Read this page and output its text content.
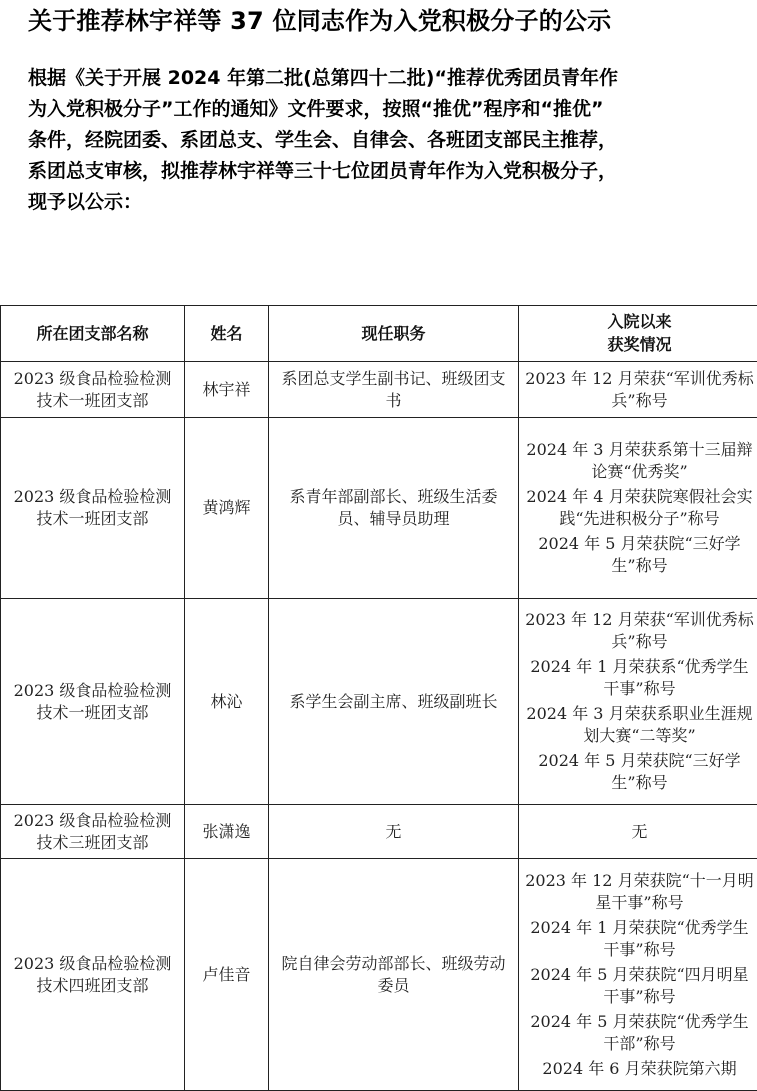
关于推荐林宇祥等 37 位同志作为入党积极分子的公示
根据《关于开展 2024 年第二批(总第四十二批)“推荐优秀团员青年作
为入党积极分子”工作的通知》文件要求，按照“推优”程序和“推优”
条件，经院团委、系团总支、学生会、自律会、各班团支部民主推荐，
系团总支审核，拟推荐林宇祥等三十七位团员青年作为入党积极分子，
现予以公示：
所在团支部名称	姓名	现任职务	入院以来
获奖情况

2023 级食品检验检测技术一班团支部	林宇祥	系团总支学生副书记、班级团支书	2023 年 12 月荣获“军训优秀标兵”称号

2023 级食品检验检测技术一班团支部	黄鸿辉	系青年部副部长、班级生活委员、辅导员助理	2024 年 3 月荣获系第十三届辩论赛“优秀奖”
2024 年 4 月荣获院寒假社会实践“先进积极分子”称号
2024 年 5 月荣获院“三好学生”称号

2023 级食品检验检测技术一班团支部	林沁	系学生会副主席、班级副班长	2023 年 12 月荣获“军训优秀标兵”称号
2024 年 1 月荣获系“优秀学生干事”称号
2024 年 3 月荣获系职业生涯规划大赛“二等奖”
2024 年 5 月荣获院“三好学生”称号

2023 级食品检验检测技术三班团支部	张潇逸	无	无

2023 级食品检验检测技术四班团支部	卢佳音	院自律会劳动部部长、班级劳动委员	2023 年 12 月荣获院“十一月明星干事”称号
2024 年 1 月荣获院“优秀学生干事”称号
2024 年 5 月荣获院“四月明星干事”称号
2024 年 5 月荣获院“优秀学生干部”称号
2024 年 6 月荣获院第六期
